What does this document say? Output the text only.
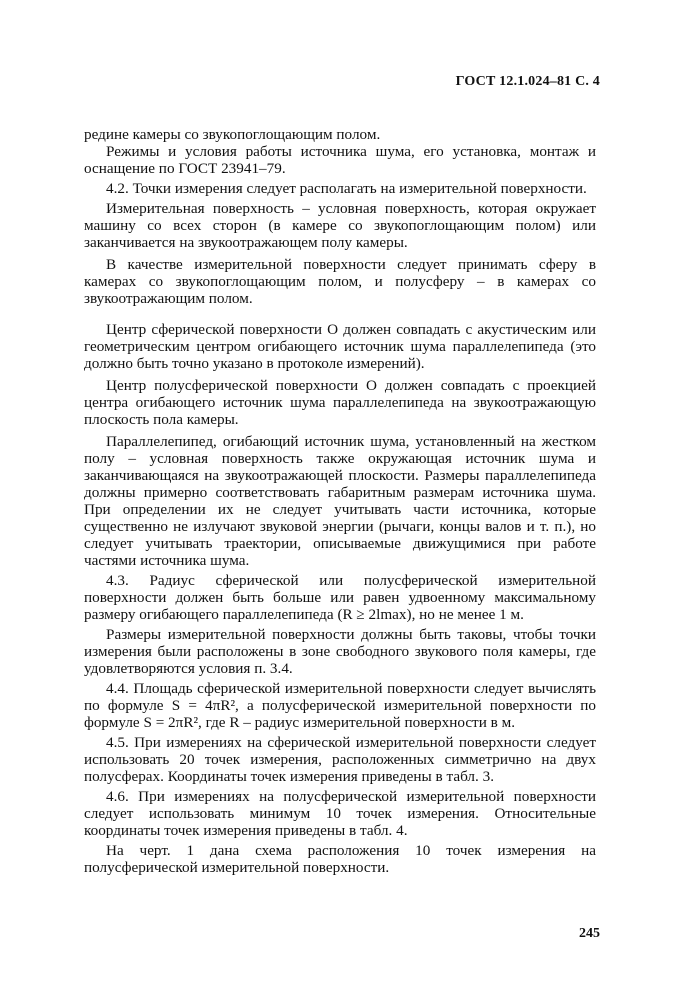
ГОСТ 12.1.024–81 С. 4

редине камеры со звукопоглощающим полом.

Режимы и условия работы источника шума, его установка, монтаж и оснащение по ГОСТ 23941–79.

4.2. Точки измерения следует располагать на измерительной поверхности.

Измерительная поверхность – условная поверхность, которая окружает машину со всех сторон (в камере со звукопоглощающим полом) или заканчивается на звукоотражающем полу камеры.

В качестве измерительной поверхности следует принимать сферу в камерах со звукопоглощающим полом, и полусферу – в камерах со звукоотражающим полом.

Центр сферической поверхности О должен совпадать с акустическим или геометрическим центром огибающего источник шума параллелепипеда (это должно быть точно указано в протоколе измерений).

Центр полусферической поверхности О должен совпадать с проекцией центра огибающего источник шума параллелепипеда на звукоотражающую плоскость пола камеры.

Параллелепипед, огибающий источник шума, установленный на жестком полу – условная поверхность также окружающая источник шума и заканчивающаяся на звукоотражающей плоскости. Размеры параллелепипеда должны примерно соответствовать габаритным размерам источника шума. При определении их не следует учитывать части источника, которые существенно не излучают звуковой энергии (рычаги, концы валов и т. п.), но следует учитывать траектории, описываемые движущимися при работе частями источника шума.

4.3. Радиус сферической или полусферической измерительной поверхности должен быть больше или равен удвоенному максимальному размеру огибающего параллелепипеда (R ≥ 2lmax), но не менее 1 м.

Размеры измерительной поверхности должны быть таковы, чтобы точки измерения были расположены в зоне свободного звукового поля камеры, где удовлетворяются условия п. 3.4.

4.4. Площадь сферической измерительной поверхности следует вычислять по формуле S = 4πR², а полусферической измерительной поверхности по формуле S = 2πR², где R – радиус измерительной поверхности в м.

4.5. При измерениях на сферической измерительной поверхности следует использовать 20 точек измерения, расположенных симметрично на двух полусферах. Координаты точек измерения приведены в табл. 3.

4.6. При измерениях на полусферической измерительной поверхности следует использовать минимум 10 точек измерения. Относительные координаты точек измерения приведены в табл. 4.

На черт. 1 дана схема расположения 10 точек измерения на полусферической измерительной поверхности.

245
